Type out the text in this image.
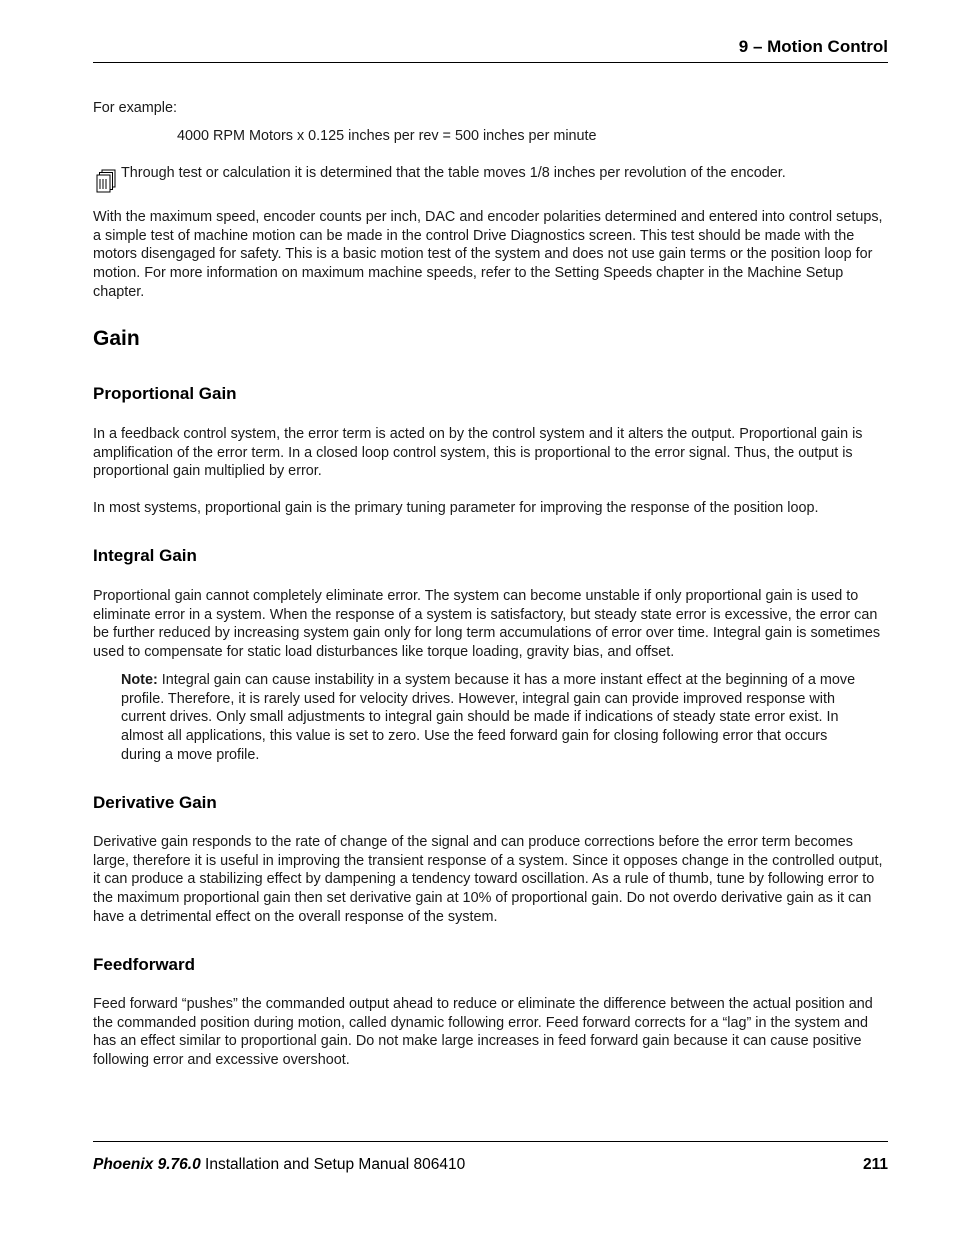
9 – Motion Control

For example:

4000 RPM Motors x 0.125 inches per rev = 500 inches per minute

Through test or calculation it is determined that the table moves 1/8 inches per revolution of the encoder.

With the maximum speed, encoder counts per inch, DAC and encoder polarities determined and entered into control setups, a simple test of machine motion can be made in the control Drive Diagnostics screen. This test should be made with the motors disengaged for safety. This is a basic motion test of the system and does not use gain terms or the position loop for motion. For more information on maximum machine speeds, refer to the Setting Speeds chapter in the Machine Setup chapter.

Gain
Proportional Gain

In a feedback control system, the error term is acted on by the control system and it alters the output. Proportional gain is amplification of the error term. In a closed loop control system, this is proportional to the error signal. Thus, the output is proportional gain multiplied by error.

In most systems, proportional gain is the primary tuning parameter for improving the response of the position loop.

Integral Gain

Proportional gain cannot completely eliminate error. The system can become unstable if only proportional gain is used to eliminate error in a system. When the response of a system is satisfactory, but steady state error is excessive, the error can be further reduced by increasing system gain only for long term accumulations of error over time. Integral gain is sometimes used to compensate for static load disturbances like torque loading, gravity bias, and offset.

Note: Integral gain can cause instability in a system because it has a more instant effect at the beginning of a move profile. Therefore, it is rarely used for velocity drives. However, integral gain can provide improved response with current drives. Only small adjustments to integral gain should be made if indications of steady state error exist. In almost all applications, this value is set to zero. Use the feed forward gain for closing following error that occurs during a move profile.

Derivative Gain

Derivative gain responds to the rate of change of the signal and can produce corrections before the error term becomes large, therefore it is useful in improving the transient response of a system. Since it opposes change in the controlled output, it can produce a stabilizing effect by dampening a tendency toward oscillation. As a rule of thumb, tune by following error to the maximum proportional gain then set derivative gain at 10% of proportional gain. Do not overdo derivative gain as it can have a detrimental effect on the overall response of the system.

Feedforward

Feed forward “pushes” the commanded output ahead to reduce or eliminate the difference between the actual position and the commanded position during motion, called dynamic following error. Feed forward corrects for a “lag” in the system and has an effect similar to proportional gain. Do not make large increases in feed forward gain because it can cause positive following error and excessive overshoot.

Phoenix 9.76.0 Installation and Setup Manual 806410	211
